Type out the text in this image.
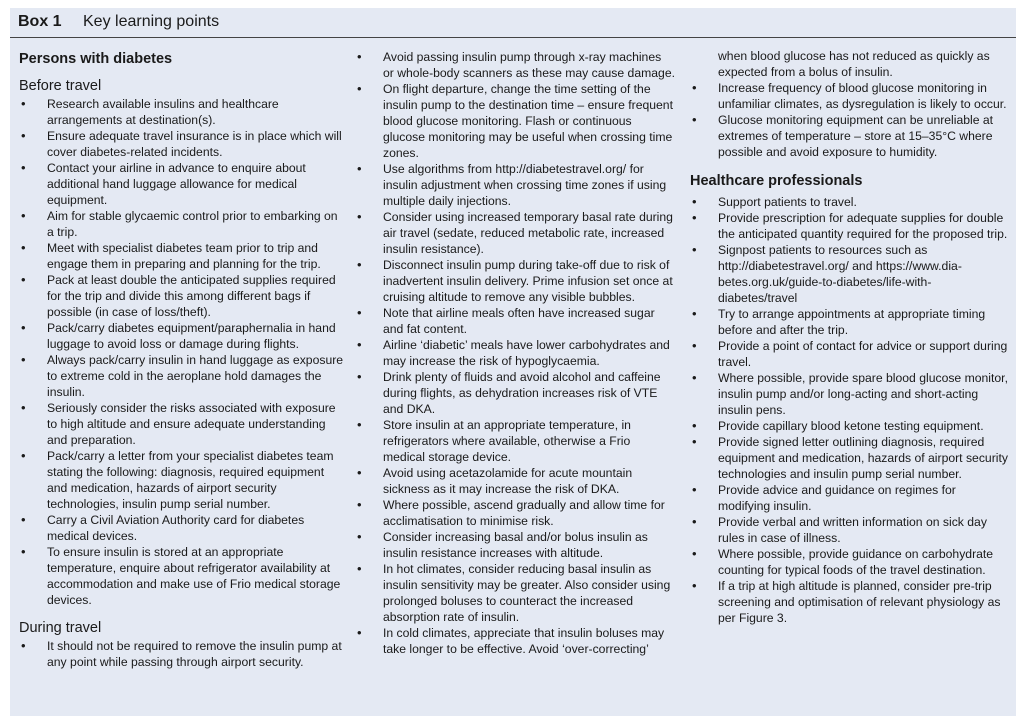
Box 1 Key learning points
Persons with diabetes
Before travel
• Research available insulins and healthcare arrangements at destination(s).
• Ensure adequate travel insurance is in place which will cover diabetes-related incidents.
• Contact your airline in advance to enquire about additional hand luggage allowance for medical equipment.
• Aim for stable glycaemic control prior to embarking on a trip.
• Meet with specialist diabetes team prior to trip and engage them in preparing and planning for the trip.
• Pack at least double the anticipated supplies required for the trip and divide this among different bags if possible (in case of loss/theft).
• Pack/carry diabetes equipment/paraphernalia in hand luggage to avoid loss or damage during flights.
• Always pack/carry insulin in hand luggage as exposure to extreme cold in the aeroplane hold damages the insulin.
• Seriously consider the risks associated with exposure to high altitude and ensure adequate understanding and preparation.
• Pack/carry a letter from your specialist diabetes team stating the following: diagnosis, required equipment and medication, hazards of airport security technologies, insulin pump serial number.
• Carry a Civil Aviation Authority card for diabetes medical devices.
• To ensure insulin is stored at an appropriate temperature, enquire about refrigerator availability at accommodation and make use of Frio medical storage devices.
During travel
• It should not be required to remove the insulin pump at any point while passing through airport security.
• Avoid passing insulin pump through x-ray machines or whole-body scanners as these may cause damage.
• On flight departure, change the time setting of the insulin pump to the destination time – ensure frequent blood glucose monitoring. Flash or continuous glucose monitoring may be useful when crossing time zones.
• Use algorithms from http://diabetestravel.org/ for insulin adjustment when crossing time zones if using multiple daily injections.
• Consider using increased temporary basal rate during air travel (sedate, reduced metabolic rate, increased insulin resistance).
• Disconnect insulin pump during take-off due to risk of inadvertent insulin delivery. Prime infusion set once at cruising altitude to remove any visible bubbles.
• Note that airline meals often have increased sugar and fat content.
• Airline ‘diabetic’ meals have lower carbohydrates and may increase the risk of hypoglycaemia.
• Drink plenty of fluids and avoid alcohol and caffeine during flights, as dehydration increases risk of VTE and DKA.
• Store insulin at an appropriate temperature, in refrigerators where available, otherwise a Frio medical storage device.
• Avoid using acetazolamide for acute mountain sickness as it may increase the risk of DKA.
• Where possible, ascend gradually and allow time for acclimatisation to minimise risk.
• Consider increasing basal and/or bolus insulin as insulin resistance increases with altitude.
• In hot climates, consider reducing basal insulin as insulin sensitivity may be greater. Also consider using prolonged boluses to counteract the increased absorption rate of insulin.
• In cold climates, appreciate that insulin boluses may take longer to be effective. Avoid ‘over-correcting’
when blood glucose has not reduced as quickly as expected from a bolus of insulin.
• Increase frequency of blood glucose monitoring in unfamiliar climates, as dysregulation is likely to occur.
• Glucose monitoring equipment can be unreliable at extremes of temperature – store at 15–35°C where possible and avoid exposure to humidity.
Healthcare professionals
• Support patients to travel.
• Provide prescription for adequate supplies for double the anticipated quantity required for the proposed trip.
• Signpost patients to resources such as http://diabetestravel.org/ and https://www.dia-betes.org.uk/guide-to-diabetes/life-with-diabetes/travel
• Try to arrange appointments at appropriate timing before and after the trip.
• Provide a point of contact for advice or support during travel.
• Where possible, provide spare blood glucose monitor, insulin pump and/or long-acting and short-acting insulin pens.
• Provide capillary blood ketone testing equipment.
• Provide signed letter outlining diagnosis, required equipment and medication, hazards of airport security technologies and insulin pump serial number.
• Provide advice and guidance on regimes for modifying insulin.
• Provide verbal and written information on sick day rules in case of illness.
• Where possible, provide guidance on carbohydrate counting for typical foods of the travel destination.
• If a trip at high altitude is planned, consider pre-trip screening and optimisation of relevant physiology as per Figure 3.
